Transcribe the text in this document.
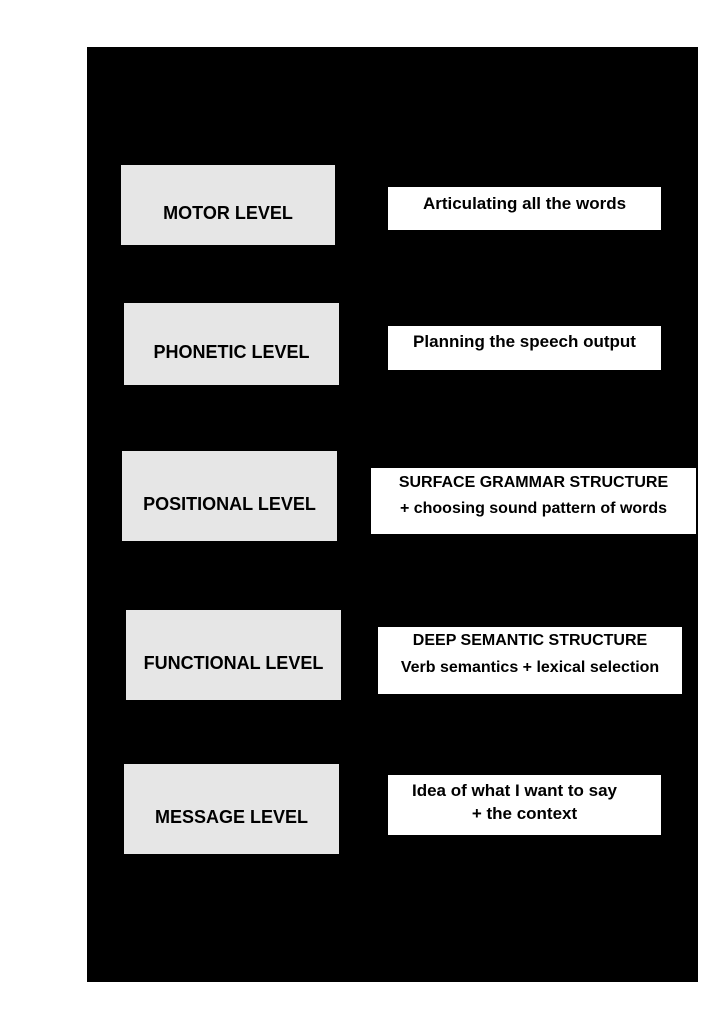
MOTOR LEVEL	Articulating all the words
PHONETIC LEVEL	Planning the speech output
POSITIONAL LEVEL
SURFACE GRAMMAR STRUCTURE
+ choosing sound pattern of words
FUNCTIONAL LEVEL
DEEP SEMANTIC STRUCTURE
Verb semantics + lexical selection
MESSAGE LEVEL
Idea of what I want to say
+ the context
